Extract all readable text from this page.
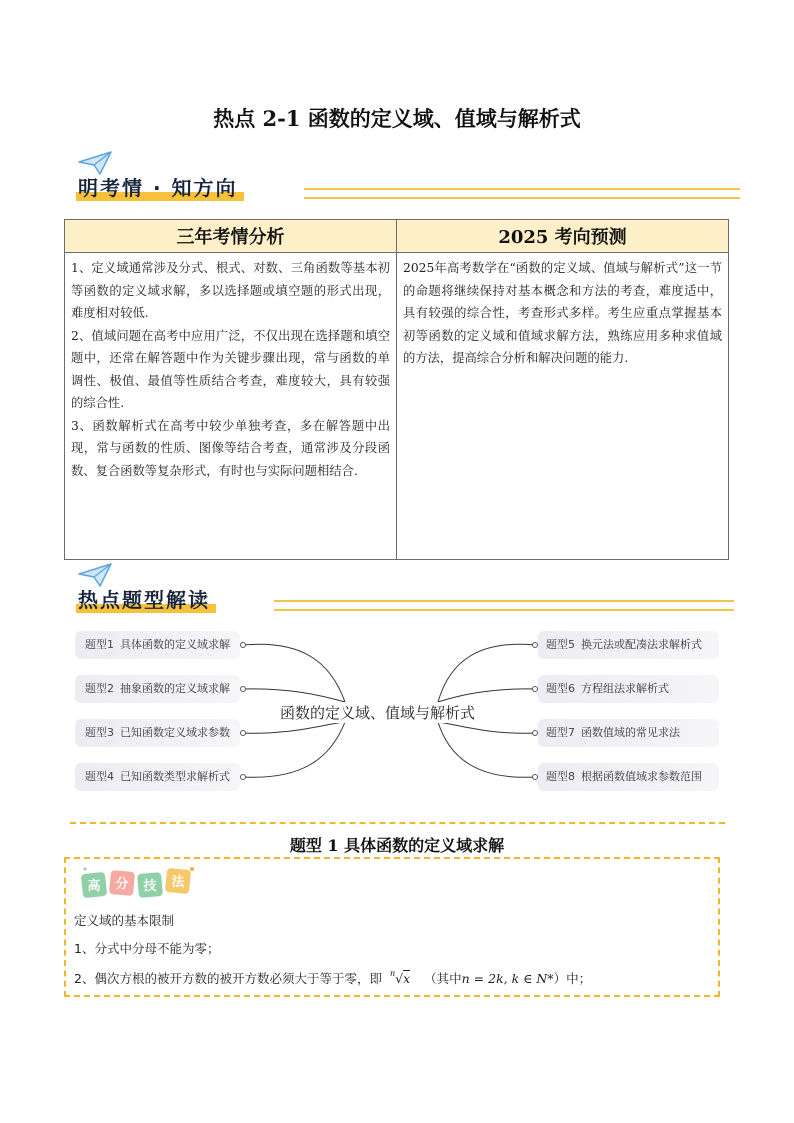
热点 2-1 函数的定义域、值域与解析式
明考情 · 知方向
三年考情分析	2025 考向预测

1、定义域通常涉及分式、根式、对数、三角函数等基本初等函数的定义域求解，多以选择题或填空题的形式出现，难度相对较低.

2、值域问题在高考中应用广泛，不仅出现在选择题和填空题中，还常在解答题中作为关键步骤出现，常与函数的单调性、极值、最值等性质结合考查，难度较大，具有较强的综合性.

3、函数解析式在高考中较少单独考查，多在解答题中出现，常与函数的性质、图像等结合考查，通常涉及分段函数、复合函数等复杂形式，有时也与实际问题相结合.	2025年高考数学在“函数的定义域、值域与解析式”这一节的命题将继续保持对基本概念和方法的考查，难度适中，具有较强的综合性，考查形式多样。考生应重点掌握基本初等函数的定义域和值域求解方法，熟练应用多种求值域的方法，提高综合分析和解决问题的能力.

热点题型解读
题型1 具体函数的定义域求解
题型2 抽象函数的定义域求解
题型3 已知函数定义域求参数
题型4 已知函数类型求解析式
题型5 换元法或配凑法求解析式
题型6 方程组法求解析式
题型7 函数值域的常见求法
题型8 根据函数值域求参数范围
函数的定义域、值域与解析式
题型 1 具体函数的定义域求解
高 分 技 法
定义域的基本限制
1、分式中分母不能为零；
2、偶次方根的被开方数的被开方数必须大于等于零，即 $^n$√x （其中n = 2k, k ∈ N*）中；
